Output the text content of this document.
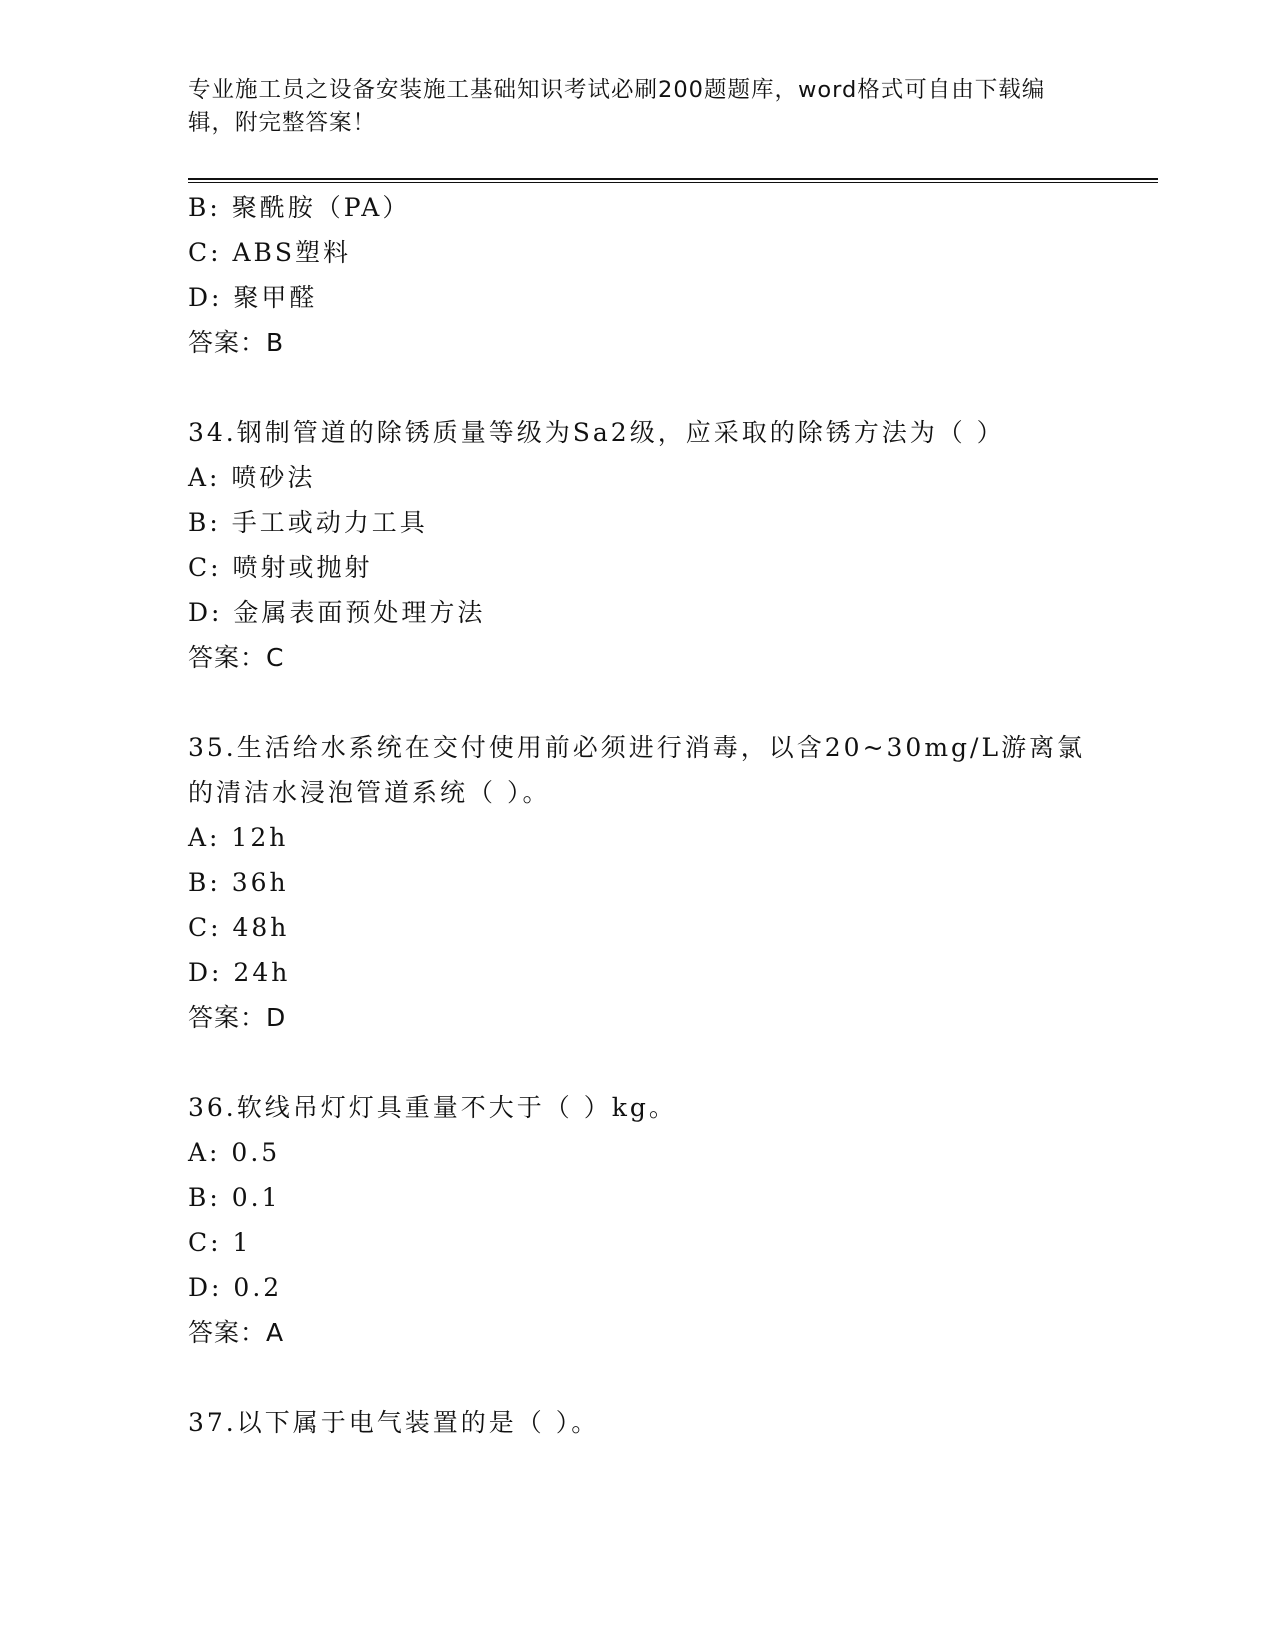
专业施工员之设备安装施工基础知识考试必刷200题题库，word格式可自由下载编辑，附完整答案！
B: 聚酰胺（PA）
C: ABS塑料
D: 聚甲醛
答案：B
34.钢制管道的除锈质量等级为Sa2级，应采取的除锈方法为（ ）
A: 喷砂法
B: 手工或动力工具
C: 喷射或抛射
D: 金属表面预处理方法
答案：C
35.生活给水系统在交付使用前必须进行消毒，以含20~30mg/L游离氯
的清洁水浸泡管道系统（ ）。
A: 12h
B: 36h
C: 48h
D: 24h
答案：D
36.软线吊灯灯具重量不大于（ ）kg。
A: 0.5
B: 0.1
C: 1
D: 0.2
答案：A
37.以下属于电气装置的是（ ）。
